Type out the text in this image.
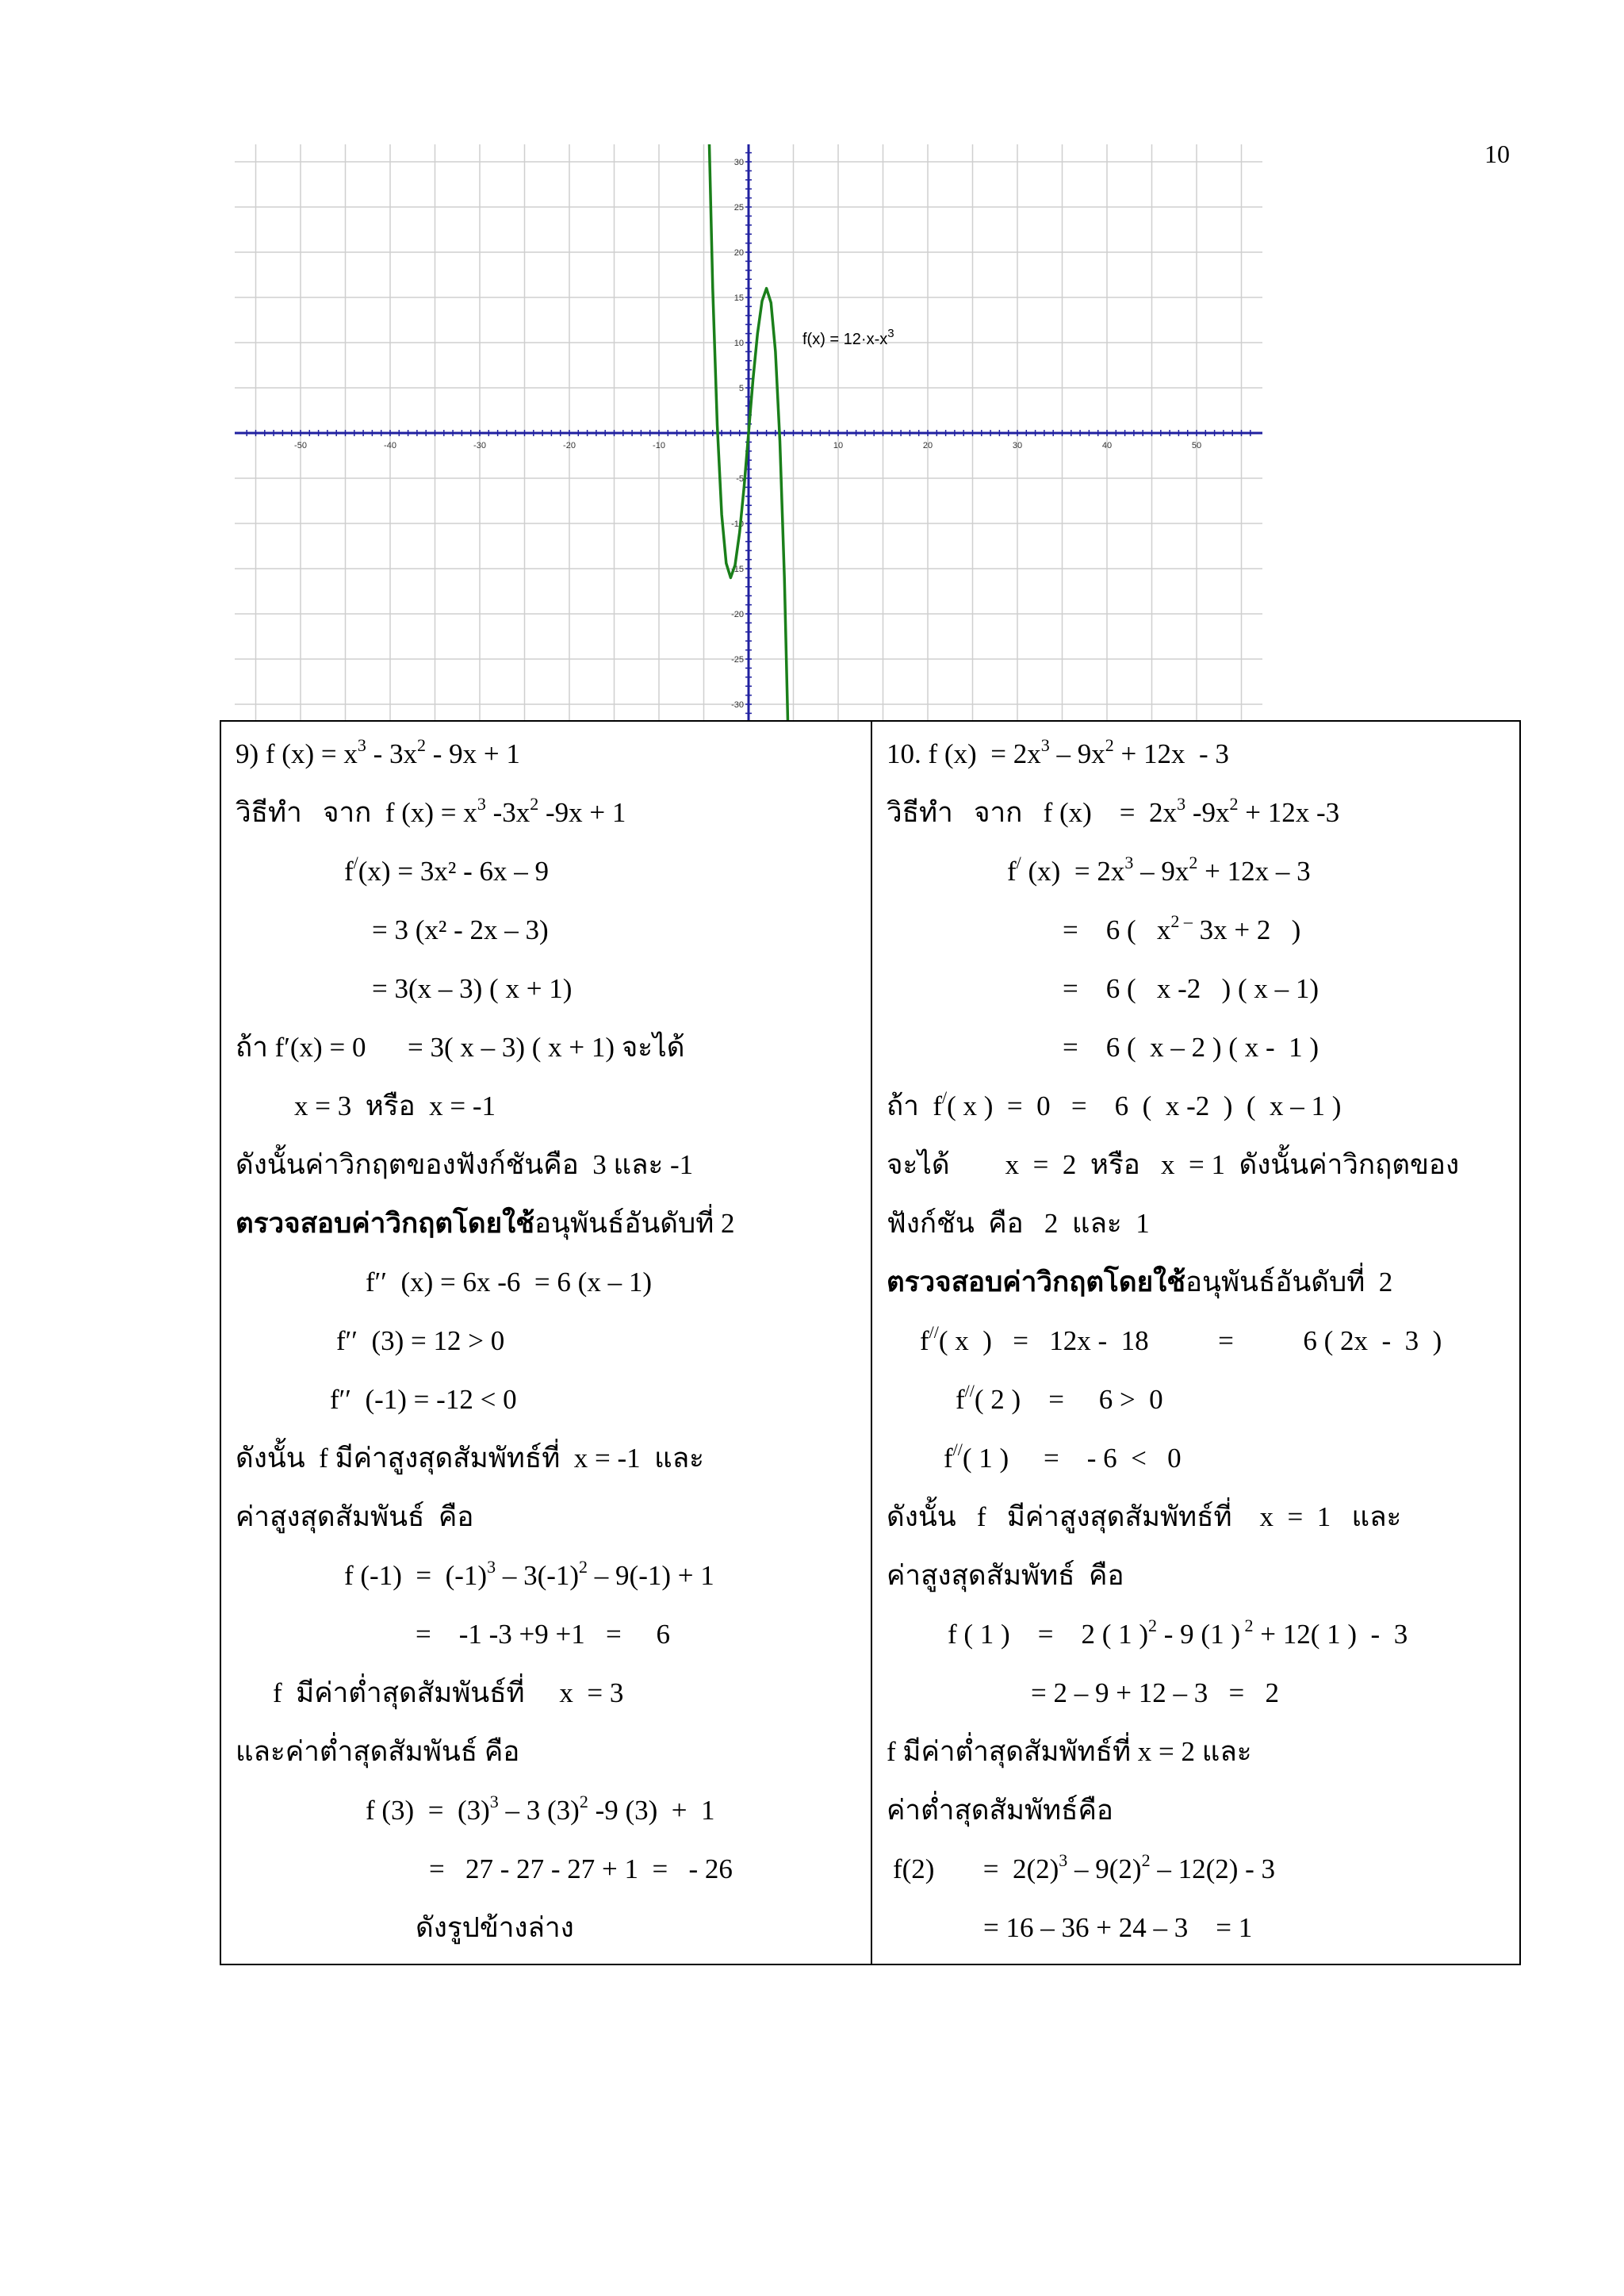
10
-50	-40	-30	-20	-10	10	20	30	40	50
30
25
20
15
10
5
-5
-10
-15
-20
-25
-30
$f(x) = 12\cdot x-x^3$
9) f $(x) = x^3 - 3x^2 - 9x + 1$
วิธีทำ   จาก  f $(x) = x^3$ $-3x^2$ -9x + 1
f/(x) = 3x² - 6x – 9
= 3 (x² - 2x – 3)
= 3(x – 3) ( x + 1)
ถ้า f′(x) = 0      = 3( x – 3) ( x + 1) จะได้
x = 3  หรือ  x = -1
ดังนั้นค่าวิกฤตของฟังก์ชันคือ  3 และ -1
ตรวจสอบค่าวิกฤตโดยใช้อนุพันธ์อันดับที่ 2
f′′  (x) = 6x -6  = 6 (x – 1)
f′′  (3) = 12 > 0
f′′  (-1) = -12 < 0
ดังนั้น  f มีค่าสูงสุดสัมพัทธ์ที่  x = -1  และ
ค่าสูงสุดสัมพันธ์  คือ
f $(-1) = (-1)^3 - 3(-1)^2 - 9(-1) + 1$
=    -1 -3 +9 +1   =     6
f  มีค่าต่ำสุดสัมพันธ์ที่     x  = 3
และค่าต่ำสุดสัมพันธ์ คือ
f $(3) = (3)^3 - 3$ $(3)^2$ -9 (3)  +  1
=   27 - 27 - 27 + 1  =   - 26
ดังรูปข้างล่าง
10. f $(x) = 2x^3 - 9x^2 + 12x - 3$
วิธีทำ   จาก   f (x)    =  $2x^3$ $-9x^2 + 12x$ -3
f/ $(x) = 2x^3 - 9x^2 + 12x - 3$
=    6 (   $x^{2 -}$ 3x + 2   )
=    6 (   x -2   ) ( x – 1)
=    6 (  x – 2 ) ( x -  1 )
ถ้า  f/( x )  =  0   =    6  (  x -2  )  (  x – 1 )
จะได้        x  =  2  หรือ   x  = 1  ดังนั้นค่าวิกฤตของ
ฟังก์ชัน  คือ   2  และ  1
ตรวจสอบค่าวิกฤตโดยใช้อนุพันธ์อันดับที่  2
f//( x  )   =   12x -  18          =          6 ( 2x  -  3  )
f//( 2 )    =     6 >  0
f//( 1 )     =    - 6  <   0
ดังนั้น   f   มีค่าสูงสุดสัมพัทธ์ที่    x  =  1   และ
ค่าสูงสุดสัมพัทธ์  คือ
f ( 1 )    =    2 ( 1 )$^2$ - 9 (1 ) $^2$ + 12( 1 )  -  3
= 2 – 9 + 12 – 3   =   2
f มีค่าต่ำสุดสัมพัทธ์ที่ x = 2 และ
ค่าต่ำสุดสัมพัทธ์คือ
f(2)       =  $2(2)^3 - 9(2)^2 - 12(2) - 3$
= 16 – 36 + 24 – 3    = 1
